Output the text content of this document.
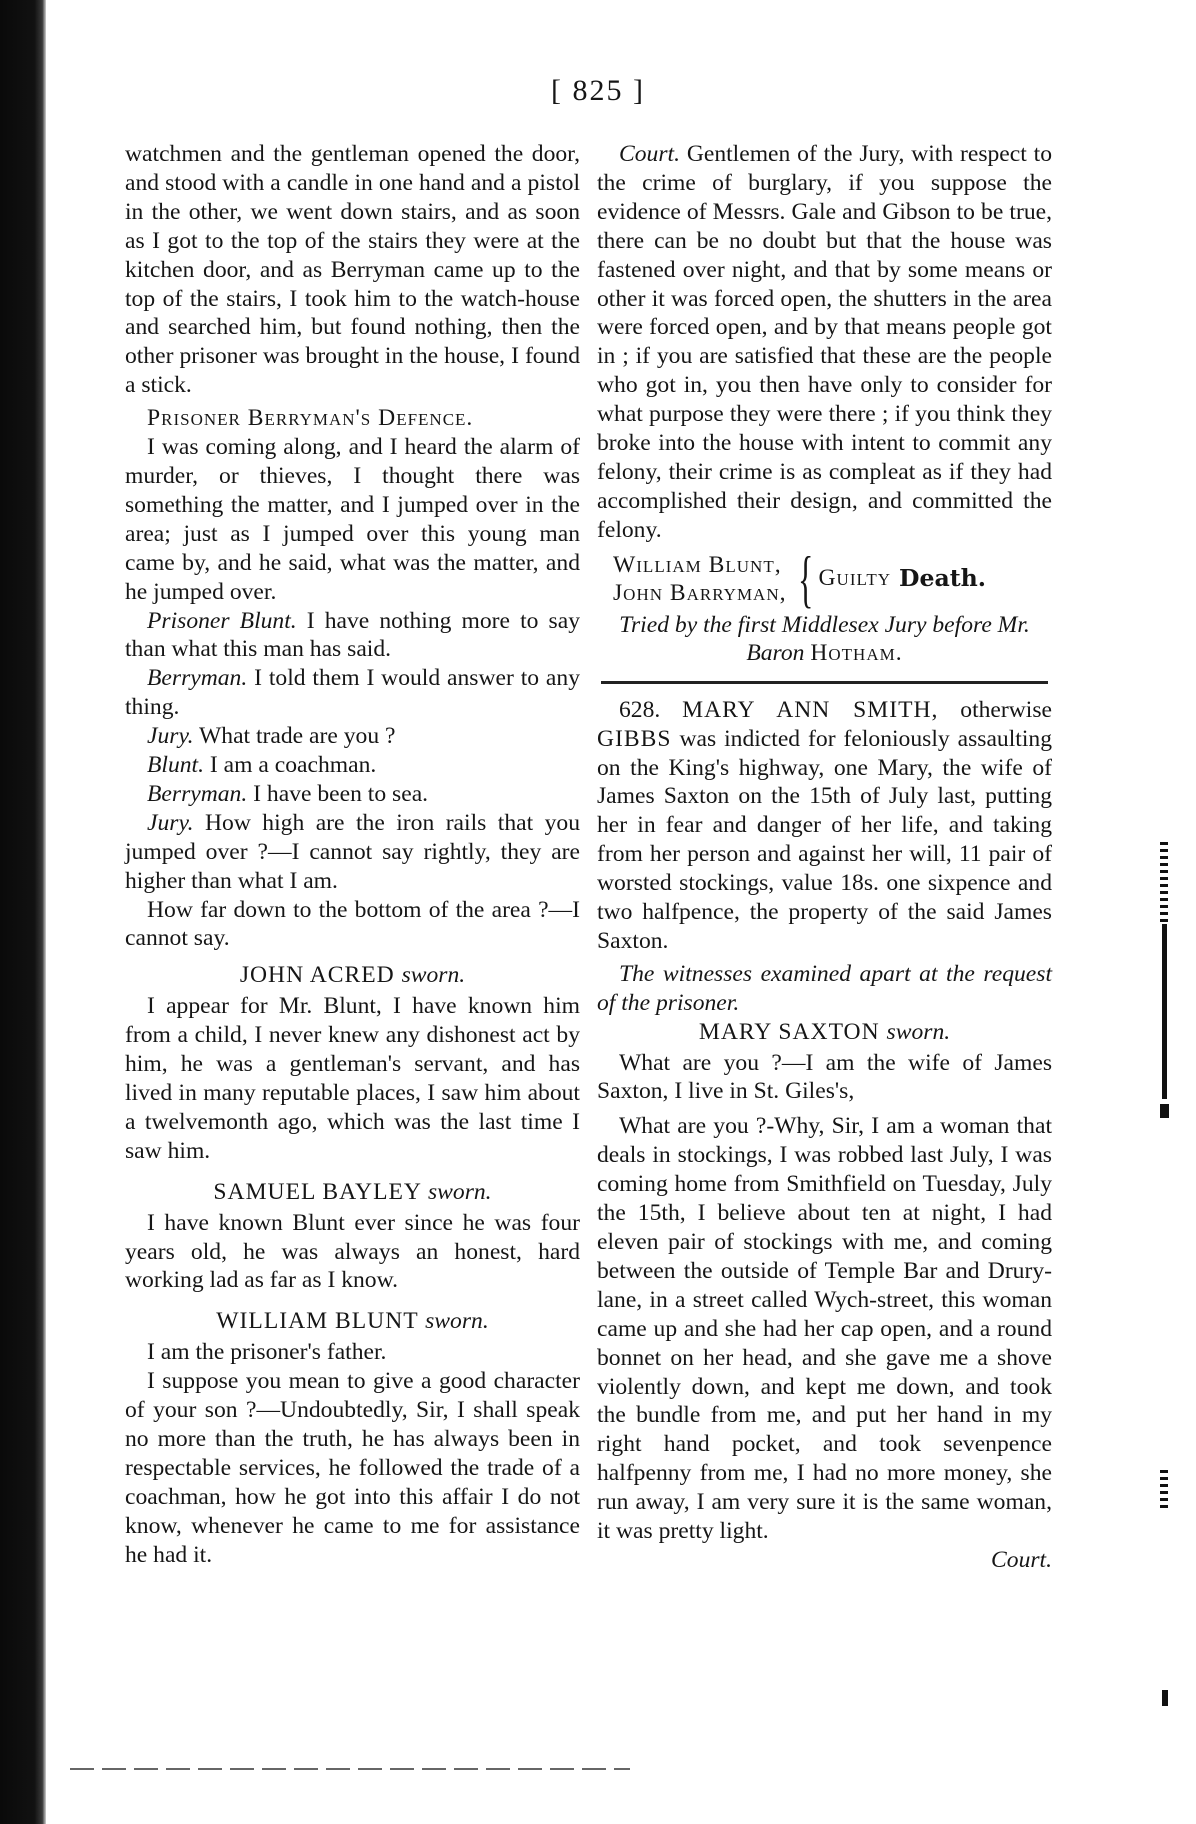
[ 825 ]

watchmen and the gentleman opened the door, and stood with a candle in one hand and a pistol in the other, we went down stairs, and as soon as I got to the top of the stairs they were at the kitchen door, and as Berryman came up to the top of the stairs, I took him to the watch-house and searched him, but found nothing, then the other prisoner was brought in the house, I found a stick.

Prisoner Berryman's Defence.

I was coming along, and I heard the alarm of murder, or thieves, I thought there was something the matter, and I jumped over in the area; just as I jumped over this young man came by, and he said, what was the matter, and he jumped over.

Prisoner Blunt. I have nothing more to say than what this man has said.

Berryman. I told them I would answer to any thing.

Jury. What trade are you ?

Blunt. I am a coachman.

Berryman. I have been to sea.

Jury. How high are the iron rails that you jumped over ?—I cannot say rightly, they are higher than what I am.

How far down to the bottom of the area ?—I cannot say.

JOHN ACRED sworn.

I appear for Mr. Blunt, I have known him from a child, I never knew any dishonest act by him, he was a gentleman's servant, and has lived in many reputable places, I saw him about a twelvemonth ago, which was the last time I saw him.

SAMUEL BAYLEY sworn.

I have known Blunt ever since he was four years old, he was always an honest, hard working lad as far as I know.

WILLIAM BLUNT sworn.

I am the prisoner's father.

I suppose you mean to give a good character of your son ?—Undoubtedly, Sir, I shall speak no more than the truth, he has always been in respectable services, he followed the trade of a coachman, how he got into this affair I do not know, whenever he came to me for assistance he had it.

Court. Gentlemen of the Jury, with respect to the crime of burglary, if you suppose the evidence of Messrs. Gale and Gibson to be true, there can be no doubt but that the house was fastened over night, and that by some means or other it was forced open, the shutters in the area were forced open, and by that means people got in ; if you are satisfied that these are the people who got in, you then have only to consider for what purpose they were there ; if you think they broke into the house with intent to commit any felony, their crime is as compleat as if they had accomplished their design, and committed the felony.

William Blunt,
John Barryman, { Guilty Death.

Tried by the first Middlesex Jury before Mr.

Baron Hotham.

628. MARY ANN SMITH, otherwise GIBBS was indicted for feloniously assaulting on the King's highway, one Mary, the wife of James Saxton on the 15th of July last, putting her in fear and danger of her life, and taking from her person and against her will, 11 pair of worsted stockings, value 18s. one sixpence and two halfpence, the property of the said James Saxton.

The witnesses examined apart at the request of the prisoner.

MARY SAXTON sworn.

What are you ?—I am the wife of James Saxton, I live in St. Giles's,

What are you ?-Why, Sir, I am a woman that deals in stockings, I was robbed last July, I was coming home from Smithfield on Tuesday, July the 15th, I believe about ten at night, I had eleven pair of stockings with me, and coming between the outside of Temple Bar and Drury-lane, in a street called Wych-street, this woman came up and she had her cap open, and a round bonnet on her head, and she gave me a shove violently down, and kept me down, and took the bundle from me, and put her hand in my right hand pocket, and took sevenpence halfpenny from me, I had no more money, she run away, I am very sure it is the same woman, it was pretty light.

Court.
